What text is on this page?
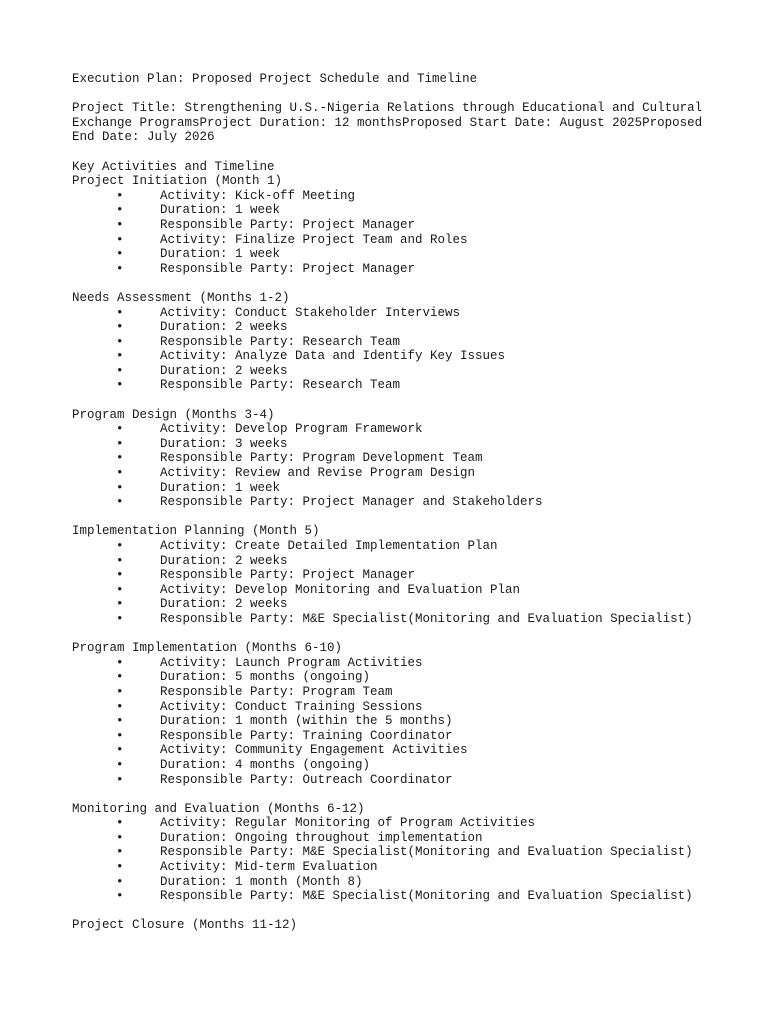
Execution Plan: Proposed Project Schedule and Timeline
Project Title: Strengthening U.S.-Nigeria Relations through Educational and Cultural Exchange ProgramsProject Duration: 12 monthsProposed Start Date: August 2025Proposed End Date: July 2026
Key Activities and Timeline
Project Initiation (Month 1)
•	Activity: Kick-off Meeting
•	Duration: 1 week
•	Responsible Party: Project Manager
•	Activity: Finalize Project Team and Roles
•	Duration: 1 week
•	Responsible Party: Project Manager
Needs Assessment (Months 1-2)
•	Activity: Conduct Stakeholder Interviews
•	Duration: 2 weeks
•	Responsible Party: Research Team
•	Activity: Analyze Data and Identify Key Issues
•	Duration: 2 weeks
•	Responsible Party: Research Team
Program Design (Months 3-4)
•	Activity: Develop Program Framework
•	Duration: 3 weeks
•	Responsible Party: Program Development Team
•	Activity: Review and Revise Program Design
•	Duration: 1 week
•	Responsible Party: Project Manager and Stakeholders
Implementation Planning (Month 5)
•	Activity: Create Detailed Implementation Plan
•	Duration: 2 weeks
•	Responsible Party: Project Manager
•	Activity: Develop Monitoring and Evaluation Plan
•	Duration: 2 weeks
•	Responsible Party: M&E Specialist(Monitoring and Evaluation Specialist)
Program Implementation (Months 6-10)
•	Activity: Launch Program Activities
•	Duration: 5 months (ongoing)
•	Responsible Party: Program Team
•	Activity: Conduct Training Sessions
•	Duration: 1 month (within the 5 months)
•	Responsible Party: Training Coordinator
•	Activity: Community Engagement Activities
•	Duration: 4 months (ongoing)
•	Responsible Party: Outreach Coordinator
Monitoring and Evaluation (Months 6-12)
•	Activity: Regular Monitoring of Program Activities
•	Duration: Ongoing throughout implementation
•	Responsible Party: M&E Specialist(Monitoring and Evaluation Specialist)
•	Activity: Mid-term Evaluation
•	Duration: 1 month (Month 8)
•	Responsible Party: M&E Specialist(Monitoring and Evaluation Specialist)
Project Closure (Months 11-12)
